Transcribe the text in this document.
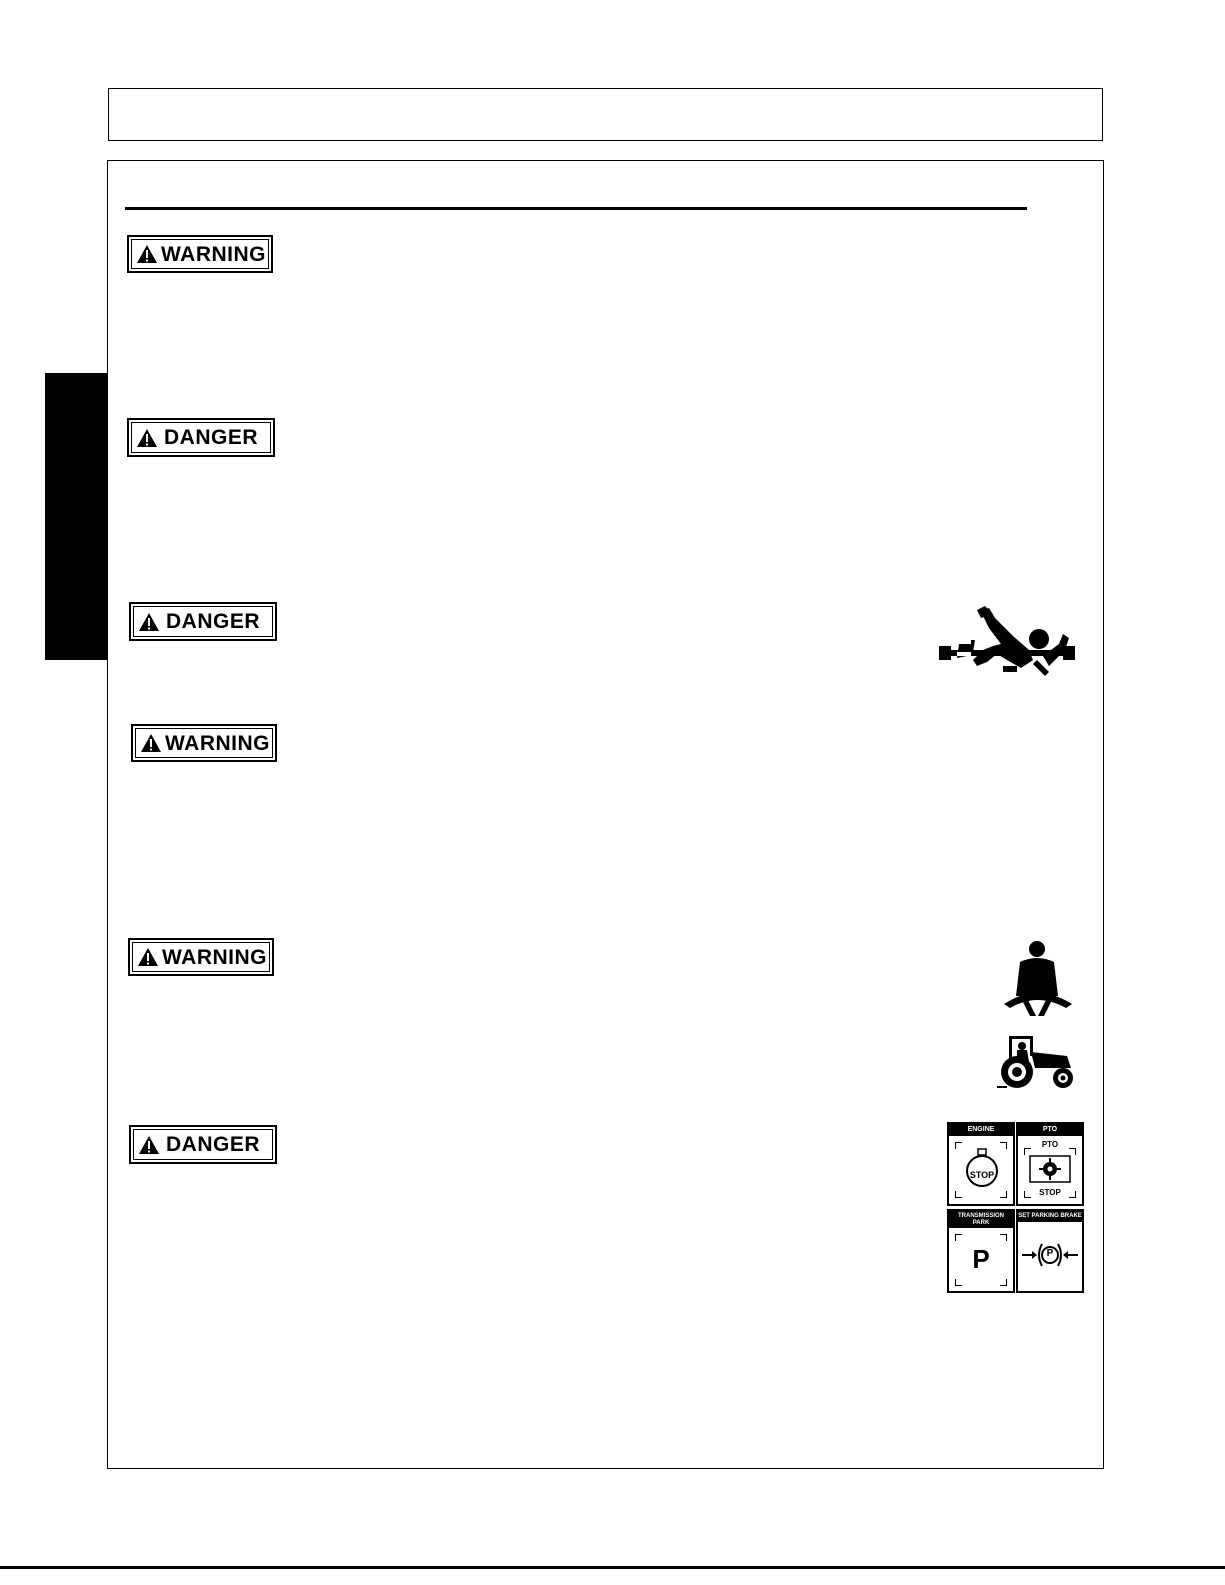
WARNING
DANGER
DANGER
WARNING
WARNING
DANGER
ENGINE
STOP
PTO
PTO
STOP
TRANSMISSION PARK
P
SET PARKING BRAKE
P
